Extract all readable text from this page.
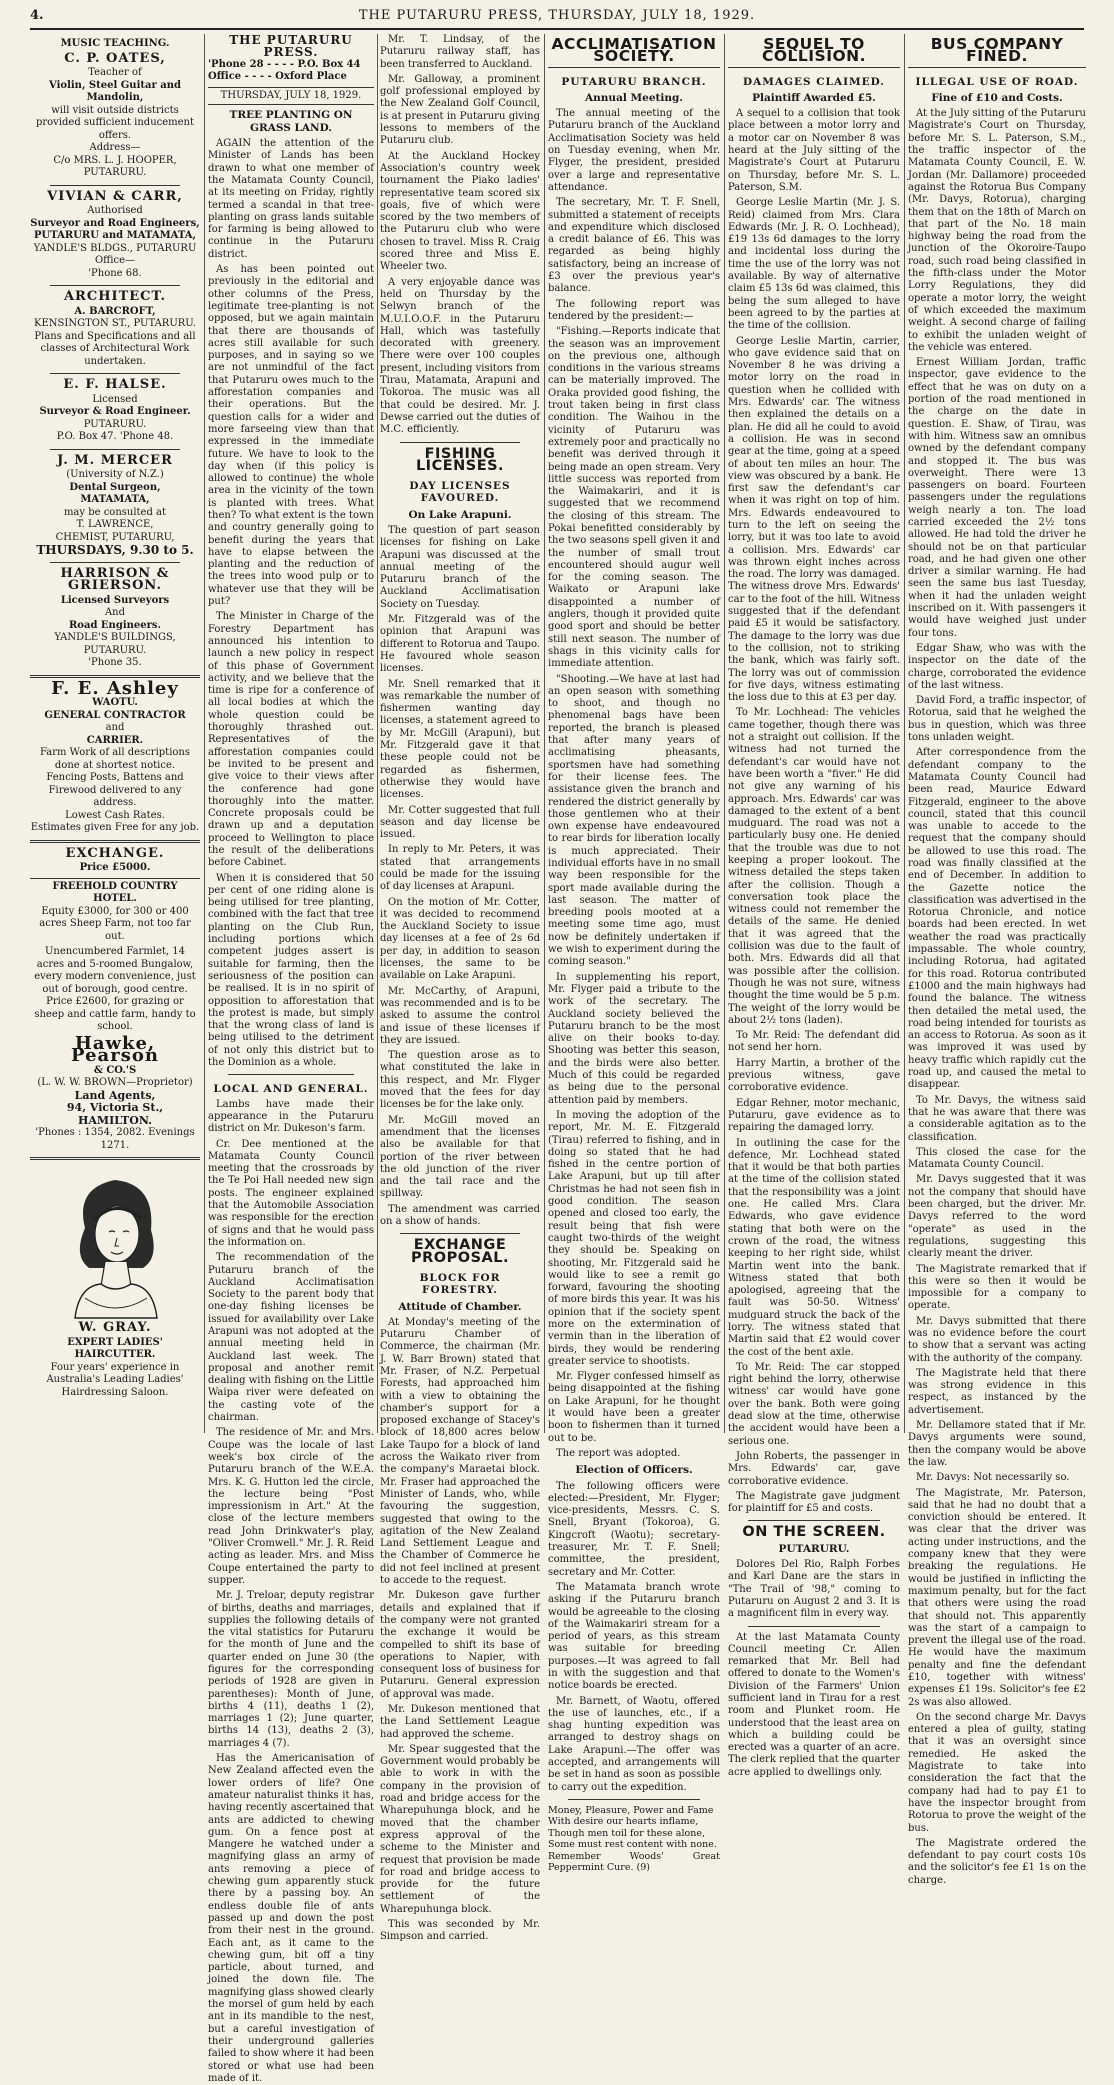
4.	THE PUTARURU PRESS, THURSDAY, JULY 18, 1929.
MUSIC TEACHING.
C. P. OATES,
Teacher of
Violin, Steel Guitar and
Mandolin,
will visit outside districts provided sufficient inducement offers.
Address—
C/o MRS. L. J. HOOPER,
PUTARURU.
VIVIAN & CARR,
Authorised
Surveyor and Road Engineers,
PUTARURU and MATAMATA,
YANDLE'S BLDGS., PUTARURU
Office—
'Phone 68.
ARCHITECT.
A. BARCROFT,
KENSINGTON ST., PUTARURU.
Plans and Specifications and all classes of Architectural Work undertaken.
E. F. HALSE.
Licensed
Surveyor & Road Engineer.
PUTARURU.
P.O. Box 47. 'Phone 48.
J. M. MERCER
(University of N.Z.)
Dental Surgeon,
MATAMATA,
may be consulted at
T. LAWRENCE,
CHEMIST, PUTARURU,
THURSDAYS, 9.30 to 5.
HARRISON & GRIERSON.
Licensed Surveyors
And
Road Engineers.
YANDLE'S BUILDINGS,
PUTARURU.
'Phone 35.
F. E. Ashley
WAOTU.
GENERAL CONTRACTOR
and
CARRIER.
Farm Work of all descriptions done at shortest notice.
Fencing Posts, Battens and Firewood delivered to any address.
Lowest Cash Rates.
Estimates given Free for any job.
EXCHANGE.
Price £5000.
FREEHOLD COUNTRY HOTEL.
Equity £3000, for 300 or 400 acres Sheep Farm, not too far out.
Unencumbered Farmlet, 14 acres and 5-roomed Bungalow, every modern convenience, just out of borough, good centre. Price £2600, for grazing or sheep and cattle farm, handy to school.
Hawke, Pearson
& CO.'S
(L. W. W. BROWN—Proprietor)
Land Agents,
94, Victoria St., HAMILTON.
'Phones : 1354, 2082. Evenings 1271.
W. GRAY.
EXPERT LADIES' HAIRCUTTER.
Four years' experience in Australia's Leading Ladies' Hairdressing Saloon.
THE PUTARURU PRESS.
'Phone 28 - - - - P.O. Box 44
Office - - - - Oxford Place
THURSDAY, JULY 18, 1929.
TREE PLANTING ON GRASS LAND.

AGAIN the attention of the Minister of Lands has been drawn to what one member of the Matamata County Council, at its meeting on Friday, rightly termed a scandal in that tree-planting on grass lands suitable for farming is being allowed to continue in the Putaruru district.

As has been pointed out previously in the editorial and other columns of the Press, legitimate tree-planting is not opposed, but we again maintain that there are thousands of acres still available for such purposes, and in saying so we are not unmindful of the fact that Putaruru owes much to the afforestation companies and their operations. But the question calls for a wider and more farseeing view than that expressed in the immediate future. We have to look to the day when (if this policy is allowed to continue) the whole area in the vicinity of the town is planted with trees. What then? To what extent is the town and country generally going to benefit during the years that have to elapse between the planting and the reduction of the trees into wood pulp or to whatever use that they will be put?

The Minister in Charge of the Forestry Department has announced his intention to launch a new policy in respect of this phase of Government activity, and we believe that the time is ripe for a conference of all local bodies at which the whole question could be thoroughly thrashed out. Representatives of the afforestation companies could be invited to be present and give voice to their views after the conference had gone thoroughly into the matter. Concrete proposals could be drawn up and a deputation proceed to Wellington to place the result of the deliberations before Cabinet.

When it is considered that 50 per cent of one riding alone is being utilised for tree planting, combined with the fact that tree planting on the Club Run, including portions which competent judges assert is suitable for farming, then the seriousness of the position can be realised. It is in no spirit of opposition to afforestation that the protest is made, but simply that the wrong class of land is being utilised to the detriment of not only this district but to the Dominion as a whole.

LOCAL AND GENERAL.

Lambs have made their appearance in the Putaruru district on Mr. Dukeson's farm.

Cr. Dee mentioned at the Matamata County Council meeting that the crossroads by the Te Poi Hall needed new sign posts. The engineer explained that the Automobile Association was responsible for the erection of signs and that he would pass the information on.

The recommendation of the Putaruru branch of the Auckland Acclimatisation Society to the parent body that one-day fishing licenses be issued for availability over Lake Arapuni was not adopted at the annual meeting held in Auckland last week. The proposal and another remit dealing with fishing on the Little Waipa river were defeated on the casting vote of the chairman.

The residence of Mr. and Mrs. Coupe was the locale of last week's box circle of the Putaruru branch of the W.E.A. Mrs. K. G. Hutton led the circle, the lecture being "Post impressionism in Art." At the close of the lecture members read John Drinkwater's play, "Oliver Cromwell." Mr. J. R. Reid acting as leader. Mrs. and Miss Coupe entertained the party to supper.

Mr. J. Treloar, deputy registrar of births, deaths and marriages, supplies the following details of the vital statistics for Putaruru for the month of June and the quarter ended on June 30 (the figures for the corresponding periods of 1928 are given in parentheses): Month of June, births 4 (11), deaths 1 (2), marriages 1 (2); June quarter, births 14 (13), deaths 2 (3), marriages 4 (7).

Has the Americanisation of New Zealand affected even the lower orders of life? One amateur naturalist thinks it has, having recently ascertained that ants are addicted to chewing gum. On a fence post at Mangere he watched under a magnifying glass an army of ants removing a piece of chewing gum apparently stuck there by a passing boy. An endless double file of ants passed up and down the post from their nest in the ground. Each ant, as it came to the chewing gum, bit off a tiny particle, about turned, and joined the down file. The magnifying glass showed clearly the morsel of gum held by each ant in its mandible to the nest, but a careful investigation of their underground galleries failed to show where it had been stored or what use had been made of it.

Mr. T. Lindsay, of the Putaruru railway staff, has been transferred to Auckland.

Mr. Galloway, a prominent golf professional employed by the New Zealand Golf Council, is at present in Putaruru giving lessons to members of the Putaruru club.

At the Auckland Hockey Association's country week tournament the Piako ladies' representative team scored six goals, five of which were scored by the two members of the Putaruru club who were chosen to travel. Miss R. Craig scored three and Miss E. Wheeler two.

A very enjoyable dance was held on Thursday by the Selwyn branch of the M.U.I.O.O.F. in the Putaruru Hall, which was tastefully decorated with greenery. There were over 100 couples present, including visitors from Tirau, Matamata, Arapuni and Tokoroa. The music was all that could be desired. Mr. J. Dewse carried out the duties of M.C. efficiently.

FISHING LICENSES.
DAY LICENSES FAVOURED.
On Lake Arapuni.

The question of part season licenses for fishing on Lake Arapuni was discussed at the annual meeting of the Putaruru branch of the Auckland Acclimatisation Society on Tuesday.

Mr. Fitzgerald was of the opinion that Arapuni was different to Rotorua and Taupo. He favoured whole season licenses.

Mr. Snell remarked that it was remarkable the number of fishermen wanting day licenses, a statement agreed to by Mr. McGill (Arapuni), but Mr. Fitzgerald gave it that these people could not be regarded as fishermen, otherwise they would have licenses.

Mr. Cotter suggested that full season and day license be issued.

In reply to Mr. Peters, it was stated that arrangements could be made for the issuing of day licenses at Arapuni.

On the motion of Mr. Cotter, it was decided to recommend the Auckland Society to issue day licenses at a fee of 2s 6d per day, in addition to season licenses, the same to be available on Lake Arapuni.

Mr. McCarthy, of Arapuni, was recommended and is to be asked to assume the control and issue of these licenses if they are issued.

The question arose as to what constituted the lake in this respect, and Mr. Flyger moved that the fees for day licenses be for the lake only.

Mr. McGill moved an amendment that the licenses also be available for that portion of the river between the old junction of the river and the tail race and the spillway.

The amendment was carried on a show of hands.

EXCHANGE PROPOSAL.
BLOCK FOR FORESTRY.
Attitude of Chamber.

At Monday's meeting of the Putaruru Chamber of Commerce, the chairman (Mr. J. W. Barr Brown) stated that Mr. Fraser, of N.Z. Perpetual Forests, had approached him with a view to obtaining the chamber's support for a proposed exchange of Stacey's block of 18,800 acres below Lake Taupo for a block of land across the Waikato river from the company's Maraetai block. Mr. Fraser had approached the Minister of Lands, who, while favouring the suggestion, suggested that owing to the agitation of the New Zealand Land Settlement League and the Chamber of Commerce he did not feel inclined at present to accede to the request.

Mr. Dukeson gave further details and explained that if the company were not granted the exchange it would be compelled to shift its base of operations to Napier, with consequent loss of business for Putaruru. General expression of approval was made.

Mr. Dukeson mentioned that the Land Settlement League had approved the scheme.

Mr. Spear suggested that the Government would probably be able to work in with the company in the provision of road and bridge access for the Wharepuhunga block, and he moved that the chamber express approval of the scheme to the Minister and request that provision be made for road and bridge access to provide for the future settlement of the Wharepuhunga block.

This was seconded by Mr. Simpson and carried.

ACCLIMATISATION SOCIETY.
PUTARURU BRANCH.
Annual Meeting.

The annual meeting of the Putaruru branch of the Auckland Acclimatisation Society was held on Tuesday evening, when Mr. Flyger, the president, presided over a large and representative attendance.

The secretary, Mr. T. F. Snell, submitted a statement of receipts and expenditure which disclosed a credit balance of £6. This was regarded as being highly satisfactory, being an increase of £3 over the previous year's balance.

The following report was tendered by the president:—

"Fishing.—Reports indicate that the season was an improvement on the previous one, although conditions in the various streams can be materially improved. The Oraka provided good fishing, the trout taken being in first class condition. The Waihou in the vicinity of Putaruru was extremely poor and practically no benefit was derived through it being made an open stream. Very little success was reported from the Waimakariri, and it is suggested that we recommend the closing of this stream. The Pokai benefitted considerably by the two seasons spell given it and the number of small trout encountered should augur well for the coming season. The Waikato or Arapuni lake disappointed a number of anglers, though it provided quite good sport and should be better still next season. The number of shags in this vicinity calls for immediate attention.

"Shooting.—We have at last had an open season with something to shoot, and though no phenomenal bags have been reported, the branch is pleased that after many years of acclimatising pheasants, sportsmen have had something for their license fees. The assistance given the branch and rendered the district generally by those gentlemen who at their own expense have endeavoured to rear birds for liberation locally is much appreciated. Their individual efforts have in no small way been responsible for the sport made available during the last season. The matter of breeding pools mooted at a meeting some time ago, must now be definitely undertaken if we wish to experiment during the coming season."

In supplementing his report, Mr. Flyger paid a tribute to the work of the secretary. The Auckland society believed the Putaruru branch to be the most alive on their books to-day. Shooting was better this season, and the birds were also better. Much of this could be regarded as being due to the personal attention paid by members.

In moving the adoption of the report, Mr. M. E. Fitzgerald (Tirau) referred to fishing, and in doing so stated that he had fished in the centre portion of Lake Arapuni, but up till after Christmas he had not seen fish in good condition. The season opened and closed too early, the result being that fish were caught two-thirds of the weight they should be. Speaking on shooting, Mr. Fitzgerald said he would like to see a remit go forward, favouring the shooting of more birds this year. It was his opinion that if the society spent more on the extermination of vermin than in the liberation of birds, they would be rendering greater service to shootists.

Mr. Flyger confessed himself as being disappointed at the fishing on Lake Arapuni, for he thought it would have been a greater boon to fishermen than it turned out to be.

The report was adopted.

Election of Officers.

The following officers were elected:—President, Mr. Flyger; vice-presidents, Messrs. C. S. Snell, Bryant (Tokoroa), G. Kingcroft (Waotu); secretary-treasurer, Mr. T. F. Snell; committee, the president, secretary and Mr. Cotter.

The Matamata branch wrote asking if the Putaruru branch would be agreeable to the closing of the Waimakariri stream for a period of years, as this stream was suitable for breeding purposes.—It was agreed to fall in with the suggestion and that notice boards be erected.

Mr. Barnett, of Waotu, offered the use of launches, etc., if a shag hunting expedition was arranged to destroy shags on Lake Arapuni.—The offer was accepted, and arrangements will be set in hand as soon as possible to carry out the expedition.

Money, Pleasure, Power and Fame
With desire our hearts inflame,
Though men toil for these alone,
Some must rest content with none.
Remember Woods' Great Peppermint Cure. (9)
SEQUEL TO COLLISION.
DAMAGES CLAIMED.
Plaintiff Awarded £5.

A sequel to a collision that took place between a motor lorry and a motor car on November 8 was heard at the July sitting of the Magistrate's Court at Putaruru on Thursday, before Mr. S. L. Paterson, S.M.

George Leslie Martin (Mr. J. S. Reid) claimed from Mrs. Clara Edwards (Mr. J. R. O. Lochhead), £19 13s 6d damages to the lorry and incidental loss during the time the use of the lorry was not available. By way of alternative claim £5 13s 6d was claimed, this being the sum alleged to have been agreed to by the parties at the time of the collision.

George Leslie Martin, carrier, who gave evidence said that on November 8 he was driving a motor lorry on the road in question when he collided with Mrs. Edwards' car. The witness then explained the details on a plan. He did all he could to avoid a collision. He was in second gear at the time, going at a speed of about ten miles an hour. The view was obscured by a bank. He first saw the defendant's car when it was right on top of him. Mrs. Edwards endeavoured to turn to the left on seeing the lorry, but it was too late to avoid a collision. Mrs. Edwards' car was thrown eight inches across the road. The lorry was damaged. The witness drove Mrs. Edwards' car to the foot of the hill. Witness suggested that if the defendant paid £5 it would be satisfactory. The damage to the lorry was due to the collision, not to striking the bank, which was fairly soft. The lorry was out of commission for five days, witness estimating the loss due to this at £3 per day.

To Mr. Lochhead: The vehicles came together, though there was not a straight out collision. If the witness had not turned the defendant's car would have not have been worth a "fiver." He did not give any warning of his approach. Mrs. Edwards' car was damaged to the extent of a bent mudguard. The road was not a particularly busy one. He denied that the trouble was due to not keeping a proper lookout. The witness detailed the steps taken after the collision. Though a conversation took place the witness could not remember the details of the same. He denied that it was agreed that the collision was due to the fault of both. Mrs. Edwards did all that was possible after the collision. Though he was not sure, witness thought the time would be 5 p.m. The weight of the lorry would be about 2½ tons (laden).

To Mr. Reid: The defendant did not send her horn.

Harry Martin, a brother of the previous witness, gave corroborative evidence.

Edgar Rehner, motor mechanic, Putaruru, gave evidence as to repairing the damaged lorry.

In outlining the case for the defence, Mr. Lochhead stated that it would be that both parties at the time of the collision stated that the responsibility was a joint one. He called Mrs. Clara Edwards, who gave evidence stating that both were on the crown of the road, the witness keeping to her right side, whilst Martin went into the bank. Witness stated that both apologised, agreeing that the fault was 50-50. Witness' mudguard struck the back of the lorry. The witness stated that Martin said that £2 would cover the cost of the bent axle.

To Mr. Reid: The car stopped right behind the lorry, otherwise witness' car would have gone over the bank. Both were going dead slow at the time, otherwise the accident would have been a serious one.

John Roberts, the passenger in Mrs. Edwards' car, gave corroborative evidence.

The Magistrate gave judgment for plaintiff for £5 and costs.

ON THE SCREEN.
PUTARURU.

Dolores Del Rio, Ralph Forbes and Karl Dane are the stars in "The Trail of '98," coming to Putaruru on August 2 and 3. It is a magnificent film in every way.

At the last Matamata County Council meeting Cr. Allen remarked that Mr. Bell had offered to donate to the Women's Division of the Farmers' Union sufficient land in Tirau for a rest room and Plunket room. He understood that the least area on which a building could be erected was a quarter of an acre. The clerk replied that the quarter acre applied to dwellings only.

BUS COMPANY FINED.
ILLEGAL USE OF ROAD.
Fine of £10 and Costs.

At the July sitting of the Putaruru Magistrate's Court on Thursday, before Mr. S. L. Paterson, S.M., the traffic inspector of the Matamata County Council, E. W. Jordan (Mr. Dallamore) proceeded against the Rotorua Bus Company (Mr. Davys, Rotorua), charging them that on the 18th of March on that part of the No. 18 main highway being the road from the junction of the Okoroire-Taupo road, such road being classified in the fifth-class under the Motor Lorry Regulations, they did operate a motor lorry, the weight of which exceeded the maximum weight. A second charge of failing to exhibit the unladen weight of the vehicle was entered.

Ernest William Jordan, traffic inspector, gave evidence to the effect that he was on duty on a portion of the road mentioned in the charge on the date in question. E. Shaw, of Tirau, was with him. Witness saw an omnibus owned by the defendant company and stopped it. The bus was overweight. There were 13 passengers on board. Fourteen passengers under the regulations weigh nearly a ton. The load carried exceeded the 2½ tons allowed. He had told the driver he should not be on that particular road, and he had given one other driver a similar warning. He had seen the same bus last Tuesday, when it had the unladen weight inscribed on it. With passengers it would have weighed just under four tons.

Edgar Shaw, who was with the inspector on the date of the charge, corroborated the evidence of the last witness.

David Ford, a traffic inspector, of Rotorua, said that he weighed the bus in question, which was three tons unladen weight.

After correspondence from the defendant company to the Matamata County Council had been read, Maurice Edward Fitzgerald, engineer to the above council, stated that this council was unable to accede to the request that the company should be allowed to use this road. The road was finally classified at the end of December. In addition to the Gazette notice the classification was advertised in the Rotorua Chronicle, and notice boards had been erected. In wet weather the road was practically impassable. The whole country, including Rotorua, had agitated for this road. Rotorua contributed £1000 and the main highways had found the balance. The witness then detailed the metal used, the road being intended for tourists as an access to Rotorua. As soon as it was improved it was used by heavy traffic which rapidly cut the road up, and caused the metal to disappear.

To Mr. Davys, the witness said that he was aware that there was a considerable agitation as to the classification.

This closed the case for the Matamata County Council.

Mr. Davys suggested that it was not the company that should have been charged, but the driver. Mr. Davys referred to the word "operate" as used in the regulations, suggesting this clearly meant the driver.

The Magistrate remarked that if this were so then it would be impossible for a company to operate.

Mr. Davys submitted that there was no evidence before the court to show that a servant was acting with the authority of the company.

The Magistrate held that there was strong evidence in this respect, as instanced by the advertisement.

Mr. Dellamore stated that if Mr. Davys arguments were sound, then the company would be above the law.

Mr. Davys: Not necessarily so.

The Magistrate, Mr. Paterson, said that he had no doubt that a conviction should be entered. It was clear that the driver was acting under instructions, and the company knew that they were breaking the regulations. He would be justified in inflicting the maximum penalty, but for the fact that others were using the road that should not. This apparently was the start of a campaign to prevent the illegal use of the road. He would have the maximum penalty and fine the defendant £10, together with witness' expenses £1 19s. Solicitor's fee £2 2s was also allowed.

On the second charge Mr. Davys entered a plea of guilty, stating that it was an oversight since remedied. He asked the Magistrate to take into consideration the fact that the company had had to pay £1 to have the inspector brought from Rotorua to prove the weight of the bus.

The Magistrate ordered the defendant to pay court costs 10s and the solicitor's fee £1 1s on the charge.
